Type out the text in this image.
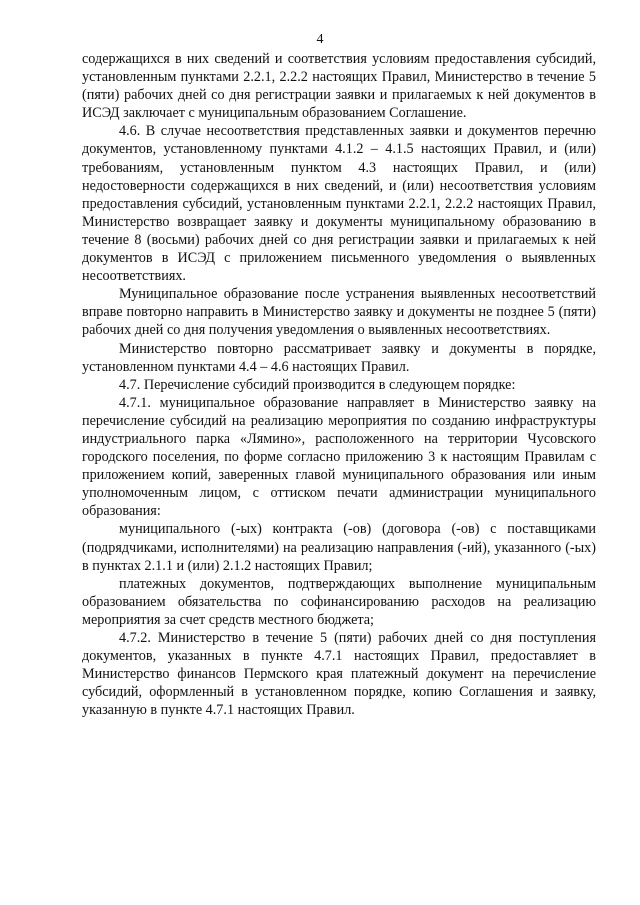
4

содержащихся в них сведений и соответствия условиям предоставления субсидий, установленным пунктами 2.2.1, 2.2.2 настоящих Правил, Министерство в течение 5 (пяти) рабочих дней со дня регистрации заявки и прилагаемых к ней документов в ИСЭД заключает с муниципальным образованием Соглашение.

4.6. В случае несоответствия представленных заявки и документов перечню документов, установленному пунктами 4.1.2 – 4.1.5 настоящих Правил, и (или) требованиям, установленным пунктом 4.3 настоящих Правил, и (или) недостоверности содержащихся в них сведений, и (или) несоответствия условиям предоставления субсидий, установленным пунктами 2.2.1, 2.2.2 настоящих Правил, Министерство возвращает заявку и документы муниципальному образованию в течение 8 (восьми) рабочих дней со дня регистрации заявки и прилагаемых к ней документов в ИСЭД с приложением письменного уведомления о выявленных несоответствиях.

Муниципальное образование после устранения выявленных несоответствий вправе повторно направить в Министерство заявку и документы не позднее 5 (пяти) рабочих дней со дня получения уведомления о выявленных несоответствиях.

Министерство повторно рассматривает заявку и документы в порядке, установленном пунктами 4.4 – 4.6 настоящих Правил.

4.7. Перечисление субсидий производится в следующем порядке:

4.7.1. муниципальное образование направляет в Министерство заявку на перечисление субсидий на реализацию мероприятия по созданию инфраструктуры индустриального парка «Лямино», расположенного на территории Чусовского городского поселения, по форме согласно приложению 3 к настоящим Правилам с приложением копий, заверенных главой муниципального образования или иным уполномоченным лицом, с оттиском печати администрации муниципального образования:

муниципального (-ых) контракта (-ов) (договора (-ов) с поставщиками (подрядчиками, исполнителями) на реализацию направления (-ий), указанного (-ых) в пунктах 2.1.1 и (или) 2.1.2 настоящих Правил;

платежных документов, подтверждающих выполнение муниципальным образованием обязательства по софинансированию расходов на реализацию мероприятия за счет средств местного бюджета;

4.7.2. Министерство в течение 5 (пяти) рабочих дней со дня поступления документов, указанных в пункте 4.7.1 настоящих Правил, предоставляет в Министерство финансов Пермского края платежный документ на перечисление субсидий, оформленный в установленном порядке, копию Соглашения и заявку, указанную в пункте 4.7.1 настоящих Правил.
